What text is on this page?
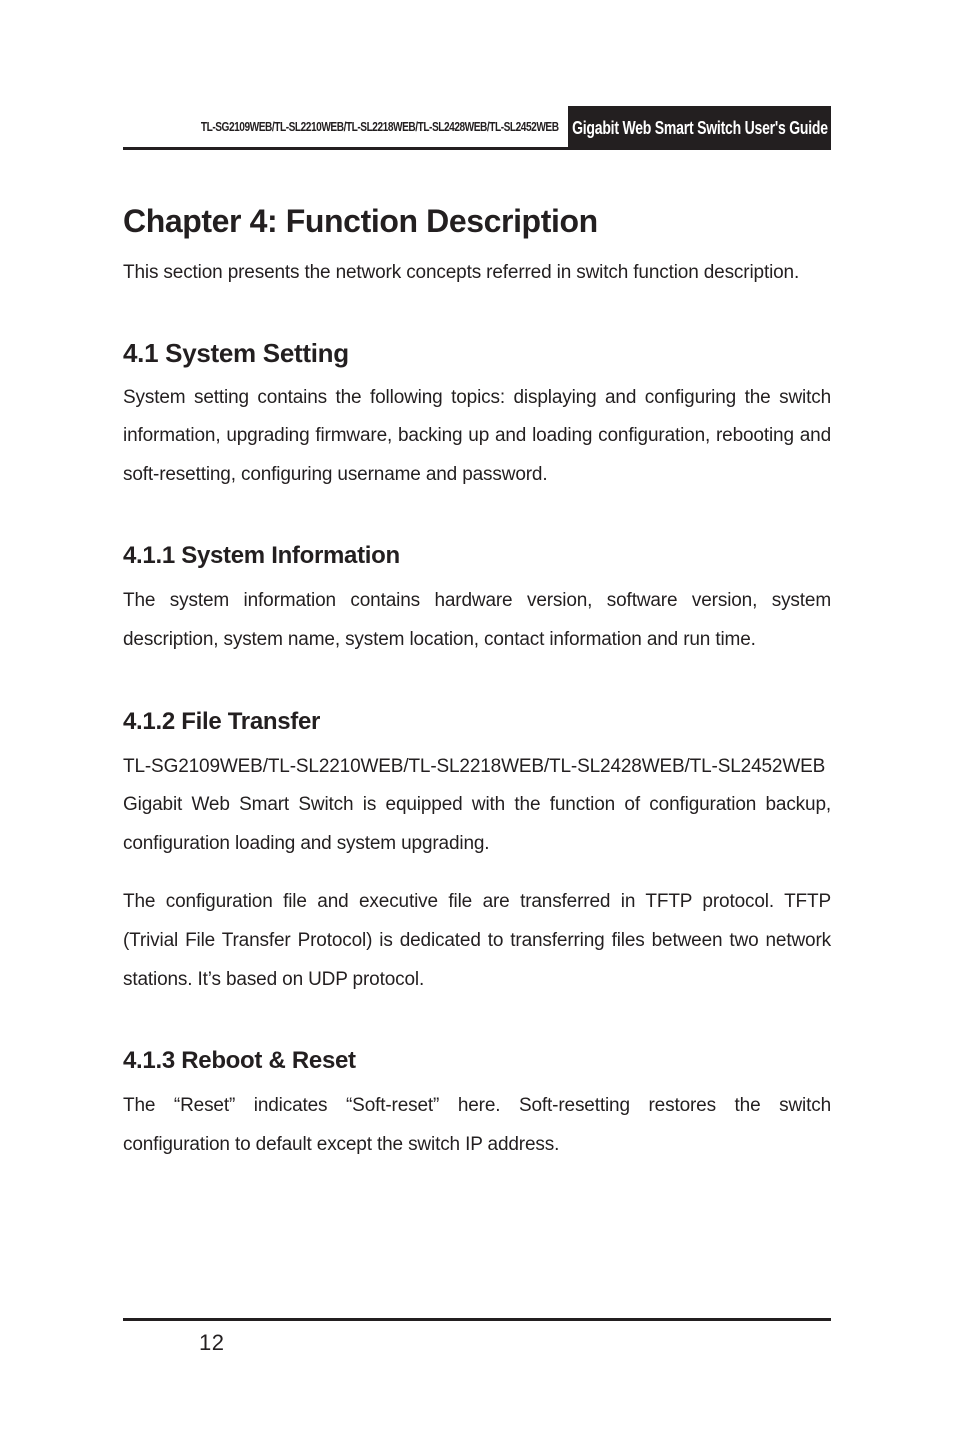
TL-SG2109WEB/TL-SL2210WEB/TL-SL2218WEB/TL-SL2428WEB/TL-SL2452WEB Gigabit Web Smart Switch User's Guide
Chapter 4: Function Description

This section presents the network concepts referred in switch function description.

4.1 System Setting

System setting contains the following topics: displaying and configuring the switch information, upgrading firmware, backing up and loading configuration, rebooting and soft-resetting, configuring username and password.

4.1.1 System Information

The system information contains hardware version, software version, system description, system name, system location, contact information and run time.

4.1.2 File Transfer

TL-SG2109WEB/TL-SL2210WEB/TL-SL2218WEB/TL-SL2428WEB/TL-SL2452WEB Gigabit Web Smart Switch is equipped with the function of configuration backup, configuration loading and system upgrading.

The configuration file and executive file are transferred in TFTP protocol. TFTP (Trivial File Transfer Protocol) is dedicated to transferring files between two network stations. It’s based on UDP protocol.

4.1.3 Reboot & Reset

The “Reset” indicates “Soft-reset” here. Soft-resetting restores the switch configuration to default except the switch IP address.

12
